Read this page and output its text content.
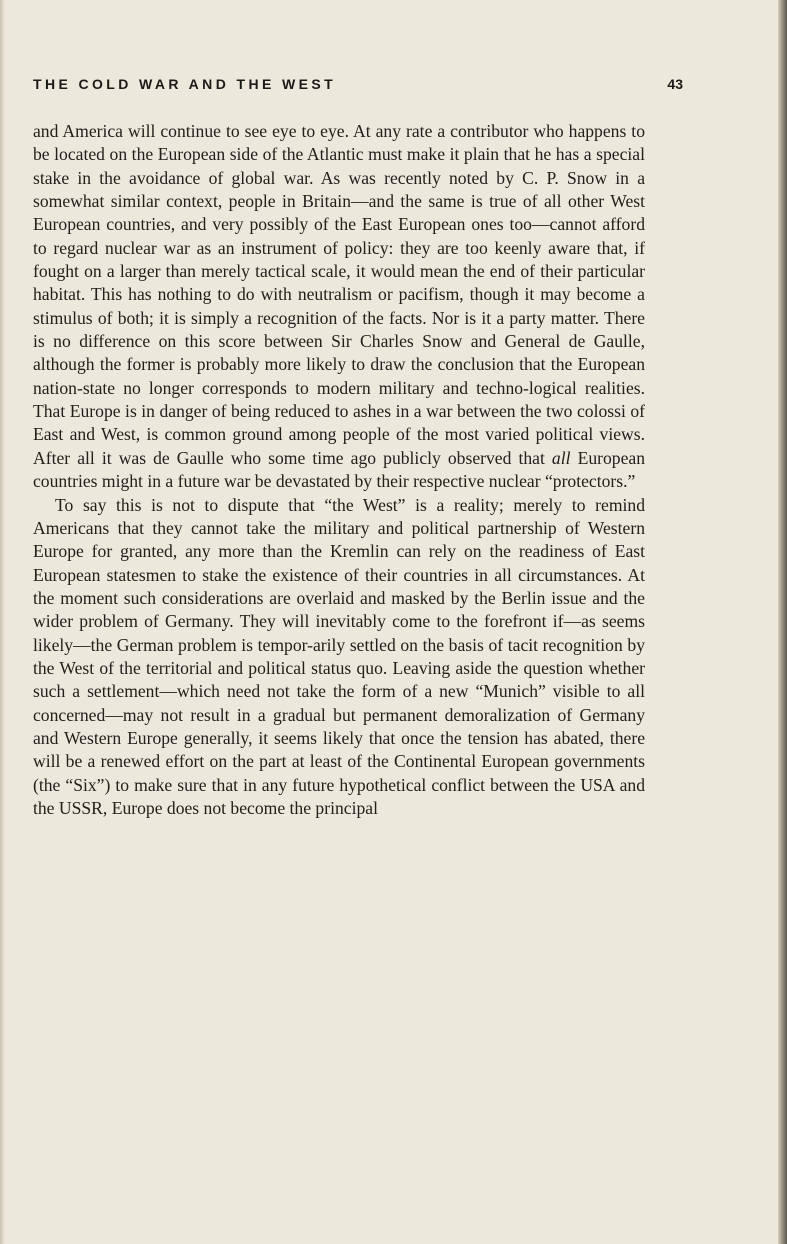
THE COLD WAR AND THE WEST	43

and America will continue to see eye to eye. At any rate a contributor who happens to be located on the European side of the Atlantic must make it plain that he has a special stake in the avoidance of global war. As was recently noted by C. P. Snow in a somewhat similar context, people in Britain—and the same is true of all other West European countries, and very possibly of the East European ones too—cannot afford to regard nuclear war as an instrument of policy: they are too keenly aware that, if fought on a larger than merely tactical scale, it would mean the end of their particular habitat. This has nothing to do with neutralism or pacifism, though it may become a stimulus of both; it is simply a recognition of the facts. Nor is it a party matter. There is no difference on this score between Sir Charles Snow and General de Gaulle, although the former is probably more likely to draw the conclusion that the European nation-state no longer corresponds to modern military and techno-logical realities. That Europe is in danger of being reduced to ashes in a war between the two colossi of East and West, is common ground among people of the most varied political views. After all it was de Gaulle who some time ago publicly observed that all European countries might in a future war be devastated by their respective nuclear “protectors.”

To say this is not to dispute that “the West” is a reality; merely to remind Americans that they cannot take the military and political partnership of Western Europe for granted, any more than the Kremlin can rely on the readiness of East European statesmen to stake the existence of their countries in all circumstances. At the moment such considerations are overlaid and masked by the Berlin issue and the wider problem of Germany. They will inevitably come to the forefront if—as seems likely—the German problem is tempor-arily settled on the basis of tacit recognition by the West of the territorial and political status quo. Leaving aside the question whether such a settlement—which need not take the form of a new “Munich” visible to all concerned—may not result in a gradual but permanent demoralization of Germany and Western Europe generally, it seems likely that once the tension has abated, there will be a renewed effort on the part at least of the Continental European governments (the “Six”) to make sure that in any future hypothetical conflict between the USA and the USSR, Europe does not become the principal
